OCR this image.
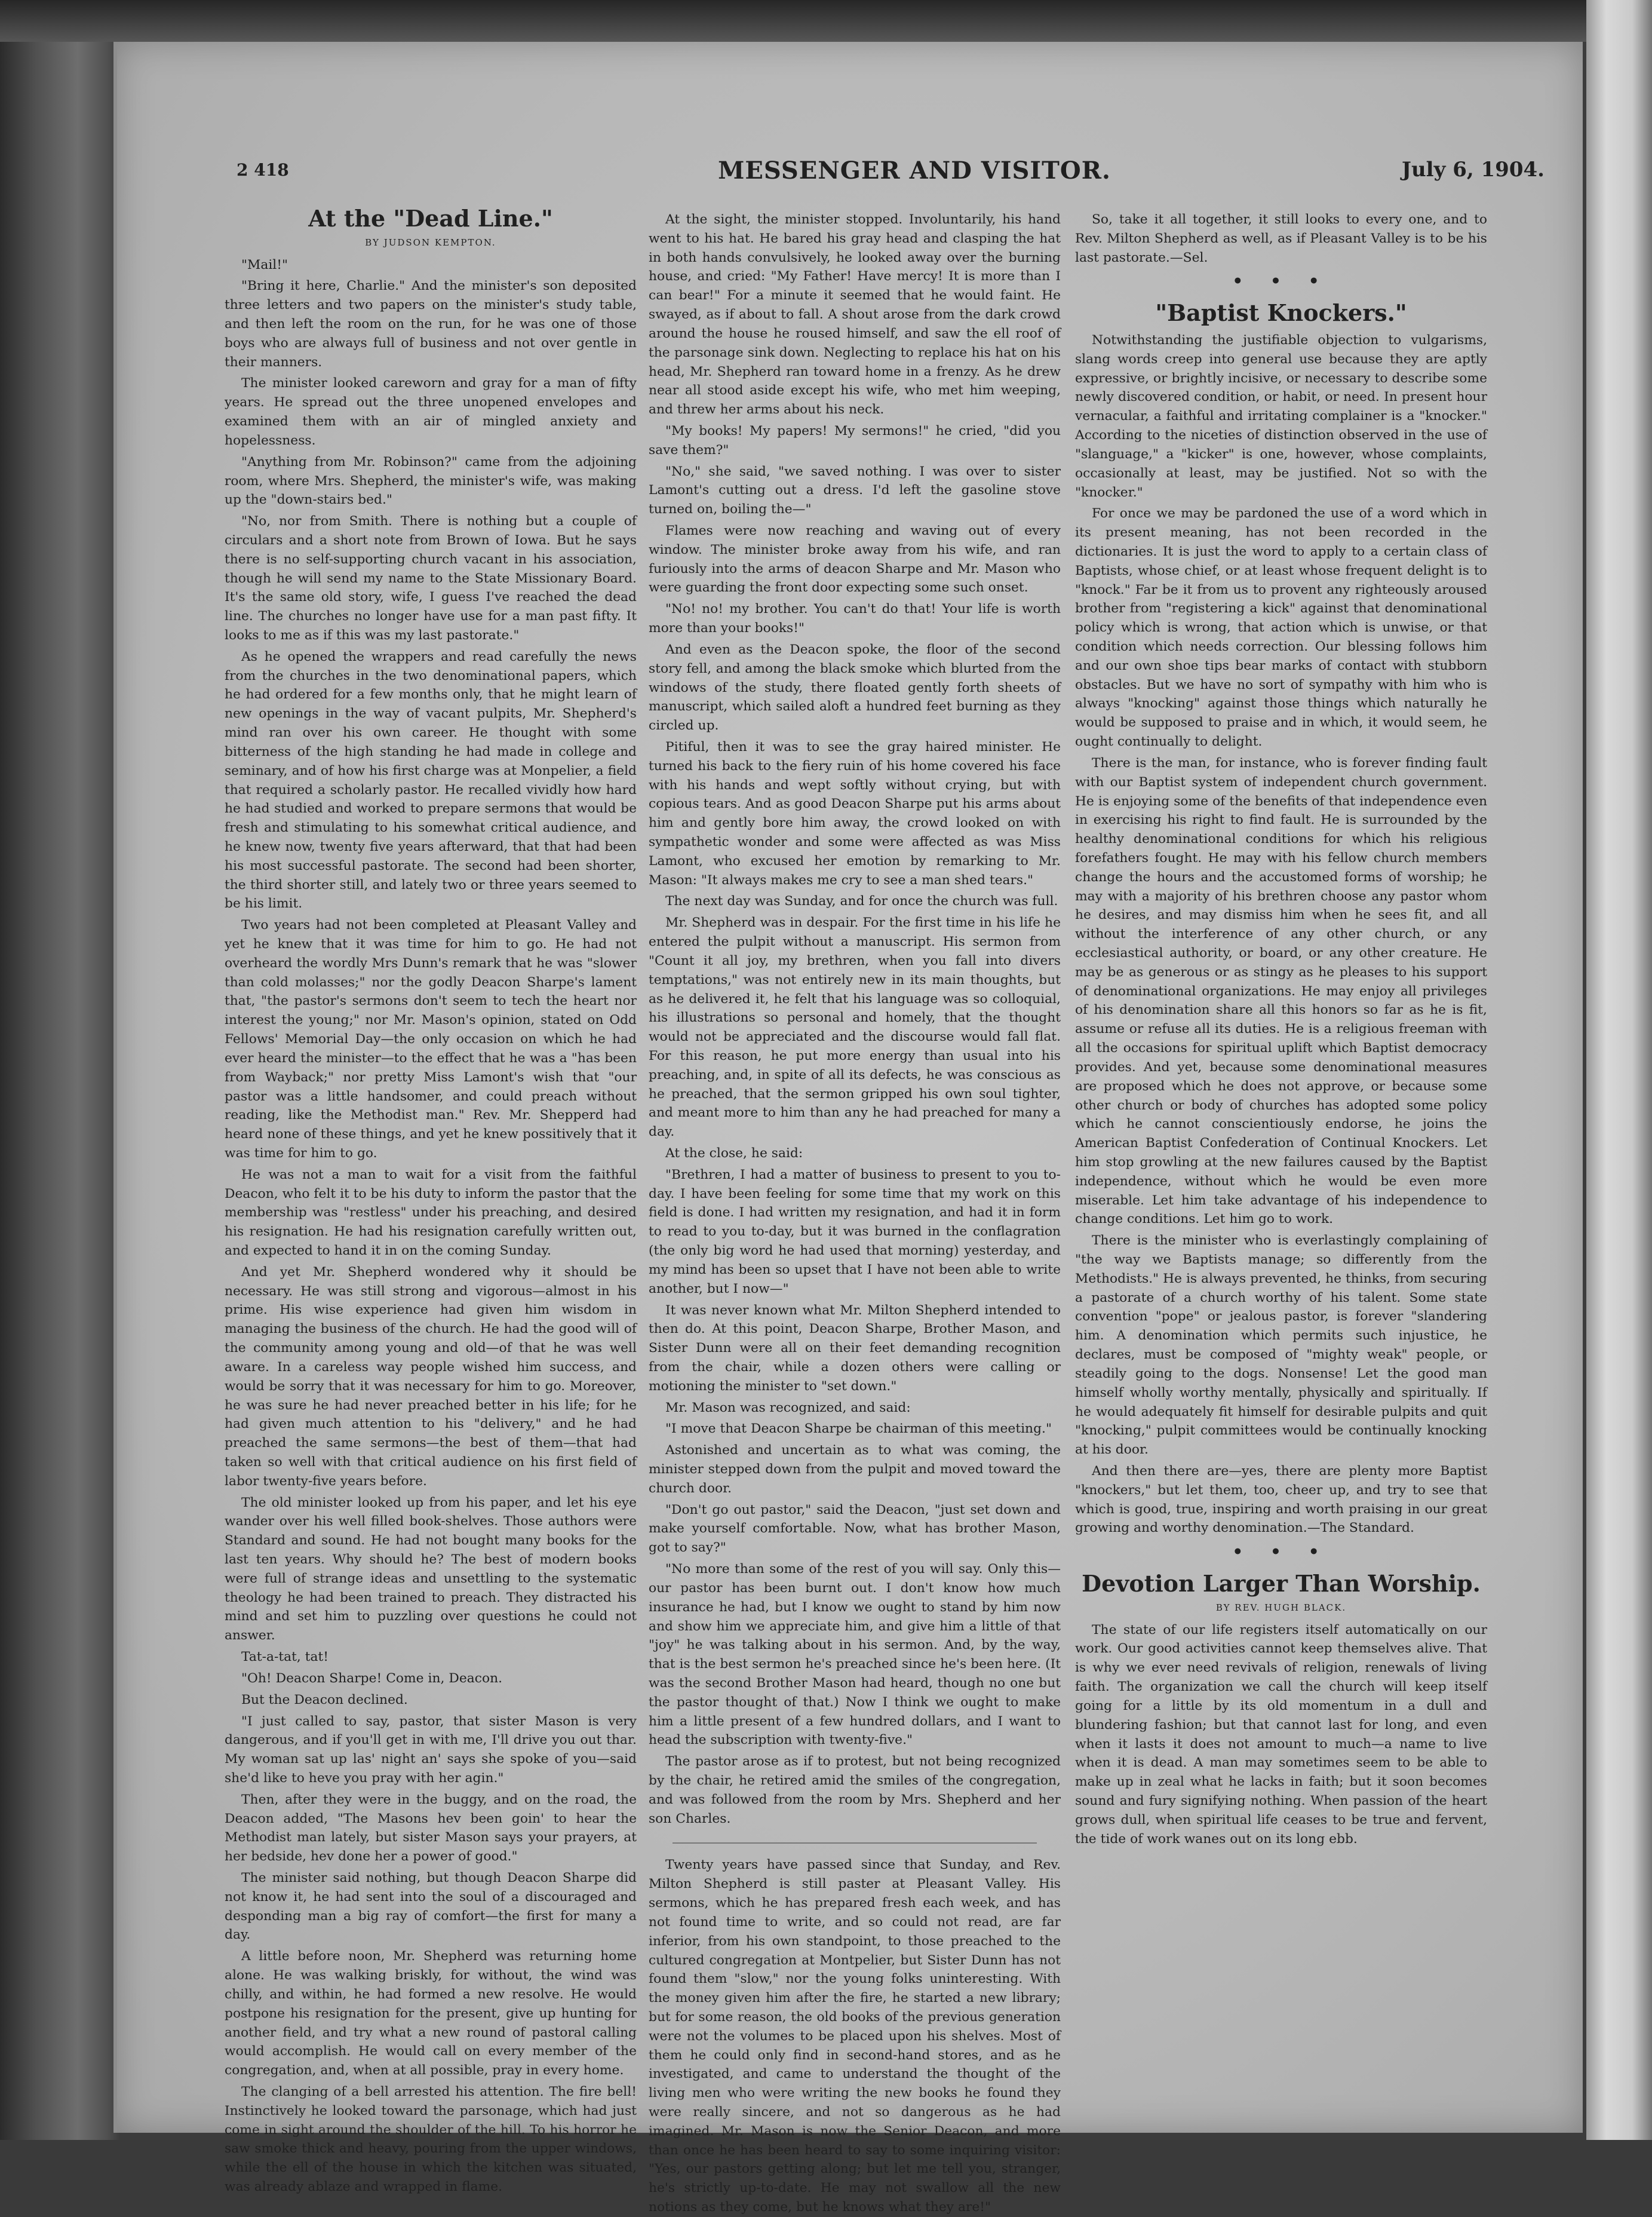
2 418	MESSENGER AND VISITOR.	July 6, 1904.
At the "Dead Line."
BY JUDSON KEMPTON.

"Mail!"

"Bring it here, Charlie." And the minister's son deposited three letters and two papers on the minister's study table, and then left the room on the run, for he was one of those boys who are always full of business and not over gentle in their manners.

The minister looked careworn and gray for a man of fifty years. He spread out the three unopened envelopes and examined them with an air of mingled anxiety and hopelessness.

"Anything from Mr. Robinson?" came from the adjoining room, where Mrs. Shepherd, the minister's wife, was making up the "down-stairs bed."

"No, nor from Smith. There is nothing but a couple of circulars and a short note from Brown of Iowa. But he says there is no self-supporting church vacant in his association, though he will send my name to the State Missionary Board. It's the same old story, wife, I guess I've reached the dead line. The churches no longer have use for a man past fifty. It looks to me as if this was my last pastorate."

As he opened the wrappers and read carefully the news from the churches in the two denominational papers, which he had ordered for a few months only, that he might learn of new openings in the way of vacant pulpits, Mr. Shepherd's mind ran over his own career. He thought with some bitterness of the high standing he had made in college and seminary, and of how his first charge was at Monpelier, a field that required a scholarly pastor. He recalled vividly how hard he had studied and worked to prepare sermons that would be fresh and stimulating to his somewhat critical audience, and he knew now, twenty five years afterward, that that had been his most successful pastorate. The second had been shorter, the third shorter still, and lately two or three years seemed to be his limit.

Two years had not been completed at Pleasant Valley and yet he knew that it was time for him to go. He had not overheard the wordly Mrs Dunn's remark that he was "slower than cold molasses;" nor the godly Deacon Sharpe's lament that, "the pastor's sermons don't seem to tech the heart nor interest the young;" nor Mr. Mason's opinion, stated on Odd Fellows' Memorial Day—the only occasion on which he had ever heard the minister—to the effect that he was a "has been from Wayback;" nor pretty Miss Lamont's wish that "our pastor was a little handsomer, and could preach without reading, like the Methodist man." Rev. Mr. Shepperd had heard none of these things, and yet he knew possitively that it was time for him to go.

He was not a man to wait for a visit from the faithful Deacon, who felt it to be his duty to inform the pastor that the membership was "restless" under his preaching, and desired his resignation. He had his resignation carefully written out, and expected to hand it in on the coming Sunday.

And yet Mr. Shepherd wondered why it should be necessary. He was still strong and vigorous—almost in his prime. His wise experience had given him wisdom in managing the business of the church. He had the good will of the community among young and old—of that he was well aware. In a careless way people wished him success, and would be sorry that it was necessary for him to go. Moreover, he was sure he had never preached better in his life; for he had given much attention to his "delivery," and he had preached the same sermons—the best of them—that had taken so well with that critical audience on his first field of labor twenty-five years before.

The old minister looked up from his paper, and let his eye wander over his well filled book-shelves. Those authors were Standard and sound. He had not bought many books for the last ten years. Why should he? The best of modern books were full of strange ideas and unsettling to the systematic theology he had been trained to preach. They distracted his mind and set him to puzzling over questions he could not answer.

Tat-a-tat, tat!

"Oh! Deacon Sharpe! Come in, Deacon.

But the Deacon declined.

"I just called to say, pastor, that sister Mason is very dangerous, and if you'll get in with me, I'll drive you out thar. My woman sat up las' night an' says she spoke of you—said she'd like to heve you pray with her agin."

Then, after they were in the buggy, and on the road, the Deacon added, "The Masons hev been goin' to hear the Methodist man lately, but sister Mason says your prayers, at her bedside, hev done her a power of good."

The minister said nothing, but though Deacon Sharpe did not know it, he had sent into the soul of a discouraged and desponding man a big ray of comfort—the first for many a day.

A little before noon, Mr. Shepherd was returning home alone. He was walking briskly, for without, the wind was chilly, and within, he had formed a new resolve. He would postpone his resignation for the present, give up hunting for another field, and try what a new round of pastoral calling would accomplish. He would call on every member of the congregation, and, when at all possible, pray in every home.

The clanging of a bell arrested his attention. The fire bell! Instinctively he looked toward the parsonage, which had just come in sight around the shoulder of the hill. To his horror he saw smoke thick and heavy, pouring from the upper windows, while the ell of the house in which the kitchen was situated, was already ablaze and wrapped in flame.

At the sight, the minister stopped. Involuntarily, his hand went to his hat. He bared his gray head and clasping the hat in both hands convulsively, he looked away over the burning house, and cried: "My Father! Have mercy! It is more than I can bear!" For a minute it seemed that he would faint. He swayed, as if about to fall. A shout arose from the dark crowd around the house he roused himself, and saw the ell roof of the parsonage sink down. Neglecting to replace his hat on his head, Mr. Shepherd ran toward home in a frenzy. As he drew near all stood aside except his wife, who met him weeping, and threw her arms about his neck.

"My books! My papers! My sermons!" he cried, "did you save them?"

"No," she said, "we saved nothing. I was over to sister Lamont's cutting out a dress. I'd left the gasoline stove turned on, boiling the—"

Flames were now reaching and waving out of every window. The minister broke away from his wife, and ran furiously into the arms of deacon Sharpe and Mr. Mason who were guarding the front door expecting some such onset.

"No! no! my brother. You can't do that! Your life is worth more than your books!"

And even as the Deacon spoke, the floor of the second story fell, and among the black smoke which blurted from the windows of the study, there floated gently forth sheets of manuscript, which sailed aloft a hundred feet burning as they circled up.

Pitiful, then it was to see the gray haired minister. He turned his back to the fiery ruin of his home covered his face with his hands and wept softly without crying, but with copious tears. And as good Deacon Sharpe put his arms about him and gently bore him away, the crowd looked on with sympathetic wonder and some were affected as was Miss Lamont, who excused her emotion by remarking to Mr. Mason: "It always makes me cry to see a man shed tears."

The next day was Sunday, and for once the church was full.

Mr. Shepherd was in despair. For the first time in his life he entered the pulpit without a manuscript. His sermon from "Count it all joy, my brethren, when you fall into divers temptations," was not entirely new in its main thoughts, but as he delivered it, he felt that his language was so colloquial, his illustrations so personal and homely, that the thought would not be appreciated and the discourse would fall flat. For this reason, he put more energy than usual into his preaching, and, in spite of all its defects, he was conscious as he preached, that the sermon gripped his own soul tighter, and meant more to him than any he had preached for many a day.

At the close, he said:

"Brethren, I had a matter of business to present to you to-day. I have been feeling for some time that my work on this field is done. I had written my resignation, and had it in form to read to you to-day, but it was burned in the conflagration (the only big word he had used that morning) yesterday, and my mind has been so upset that I have not been able to write another, but I now—"

It was never known what Mr. Milton Shepherd intended to then do. At this point, Deacon Sharpe, Brother Mason, and Sister Dunn were all on their feet demanding recognition from the chair, while a dozen others were calling or motioning the minister to "set down."

Mr. Mason was recognized, and said:

"I move that Deacon Sharpe be chairman of this meeting."

Astonished and uncertain as to what was coming, the minister stepped down from the pulpit and moved toward the church door.

"Don't go out pastor," said the Deacon, "just set down and make yourself comfortable. Now, what has brother Mason, got to say?"

"No more than some of the rest of you will say. Only this—our pastor has been burnt out. I don't know how much insurance he had, but I know we ought to stand by him now and show him we appreciate him, and give him a little of that "joy" he was talking about in his sermon. And, by the way, that is the best sermon he's preached since he's been here. (It was the second Brother Mason had heard, though no one but the pastor thought of that.) Now I think we ought to make him a little present of a few hundred dollars, and I want to head the subscription with twenty-five."

The pastor arose as if to protest, but not being recognized by the chair, he retired amid the smiles of the congregation, and was followed from the room by Mrs. Shepherd and her son Charles.

Twenty years have passed since that Sunday, and Rev. Milton Shepherd is still paster at Pleasant Valley. His sermons, which he has prepared fresh each week, and has not found time to write, and so could not read, are far inferior, from his own standpoint, to those preached to the cultured congregation at Montpelier, but Sister Dunn has not found them "slow," nor the young folks uninteresting. With the money given him after the fire, he started a new library; but for some reason, the old books of the previous generation were not the volumes to be placed upon his shelves. Most of them he could only find in second-hand stores, and as he investigated, and came to understand the thought of the living men who were writing the new books he found they were really sincere, and not so dangerous as he had imagined. Mr. Mason is now the Senior Deacon, and more than once he has been heard to say to some inquiring visitor: "Yes, our pastors getting along; but let me tell you, stranger, he's strictly up-to-date. He may not swallow all the new notions as they come, but he knows what they are!"

So, take it all together, it still looks to every one, and to Rev. Milton Shepherd as well, as if Pleasant Valley is to be his last pastorate.—Sel.

• • •
"Baptist Knockers."

Notwithstanding the justifiable objection to vulgarisms, slang words creep into general use because they are aptly expressive, or brightly incisive, or necessary to describe some newly discovered condition, or habit, or need. In present hour vernacular, a faithful and irritating complainer is a "knocker." According to the niceties of distinction observed in the use of "slanguage," a "kicker" is one, however, whose complaints, occasionally at least, may be justified. Not so with the "knocker."

For once we may be pardoned the use of a word which in its present meaning, has not been recorded in the dictionaries. It is just the word to apply to a certain class of Baptists, whose chief, or at least whose frequent delight is to "knock." Far be it from us to provent any righteously aroused brother from "registering a kick" against that denominational policy which is wrong, that action which is unwise, or that condition which needs correction. Our blessing follows him and our own shoe tips bear marks of contact with stubborn obstacles. But we have no sort of sympathy with him who is always "knocking" against those things which naturally he would be supposed to praise and in which, it would seem, he ought continually to delight.

There is the man, for instance, who is forever finding fault with our Baptist system of independent church government. He is enjoying some of the benefits of that independence even in exercising his right to find fault. He is surrounded by the healthy denominational conditions for which his religious forefathers fought. He may with his fellow church members change the hours and the accustomed forms of worship; he may with a majority of his brethren choose any pastor whom he desires, and may dismiss him when he sees fit, and all without the interference of any other church, or any ecclesiastical authority, or board, or any other creature. He may be as generous or as stingy as he pleases to his support of denominational organizations. He may enjoy all privileges of his denomination share all this honors so far as he is fit, assume or refuse all its duties. He is a religious freeman with all the occasions for spiritual uplift which Baptist democracy provides. And yet, because some denominational measures are proposed which he does not approve, or because some other church or body of churches has adopted some policy which he cannot conscientiously endorse, he joins the American Baptist Confederation of Continual Knockers. Let him stop growling at the new failures caused by the Baptist independence, without which he would be even more miserable. Let him take advantage of his independence to change conditions. Let him go to work.

There is the minister who is everlastingly complaining of "the way we Baptists manage; so differently from the Methodists." He is always prevented, he thinks, from securing a pastorate of a church worthy of his talent. Some state convention "pope" or jealous pastor, is forever "slandering him. A denomination which permits such injustice, he declares, must be composed of "mighty weak" people, or steadily going to the dogs. Nonsense! Let the good man himself wholly worthy mentally, physically and spiritually. If he would adequately fit himself for desirable pulpits and quit "knocking," pulpit committees would be continually knocking at his door.

And then there are—yes, there are plenty more Baptist "knockers," but let them, too, cheer up, and try to see that which is good, true, inspiring and worth praising in our great growing and worthy denomination.—The Standard.

• • •
Devotion Larger Than Worship.
BY REV. HUGH BLACK.

The state of our life registers itself automatically on our work. Our good activities cannot keep themselves alive. That is why we ever need revivals of religion, renewals of living faith. The organization we call the church will keep itself going for a little by its old momentum in a dull and blundering fashion; but that cannot last for long, and even when it lasts it does not amount to much—a name to live when it is dead. A man may sometimes seem to be able to make up in zeal what he lacks in faith; but it soon becomes sound and fury signifying nothing. When passion of the heart grows dull, when spiritual life ceases to be true and fervent, the tide of work wanes out on its long ebb.
